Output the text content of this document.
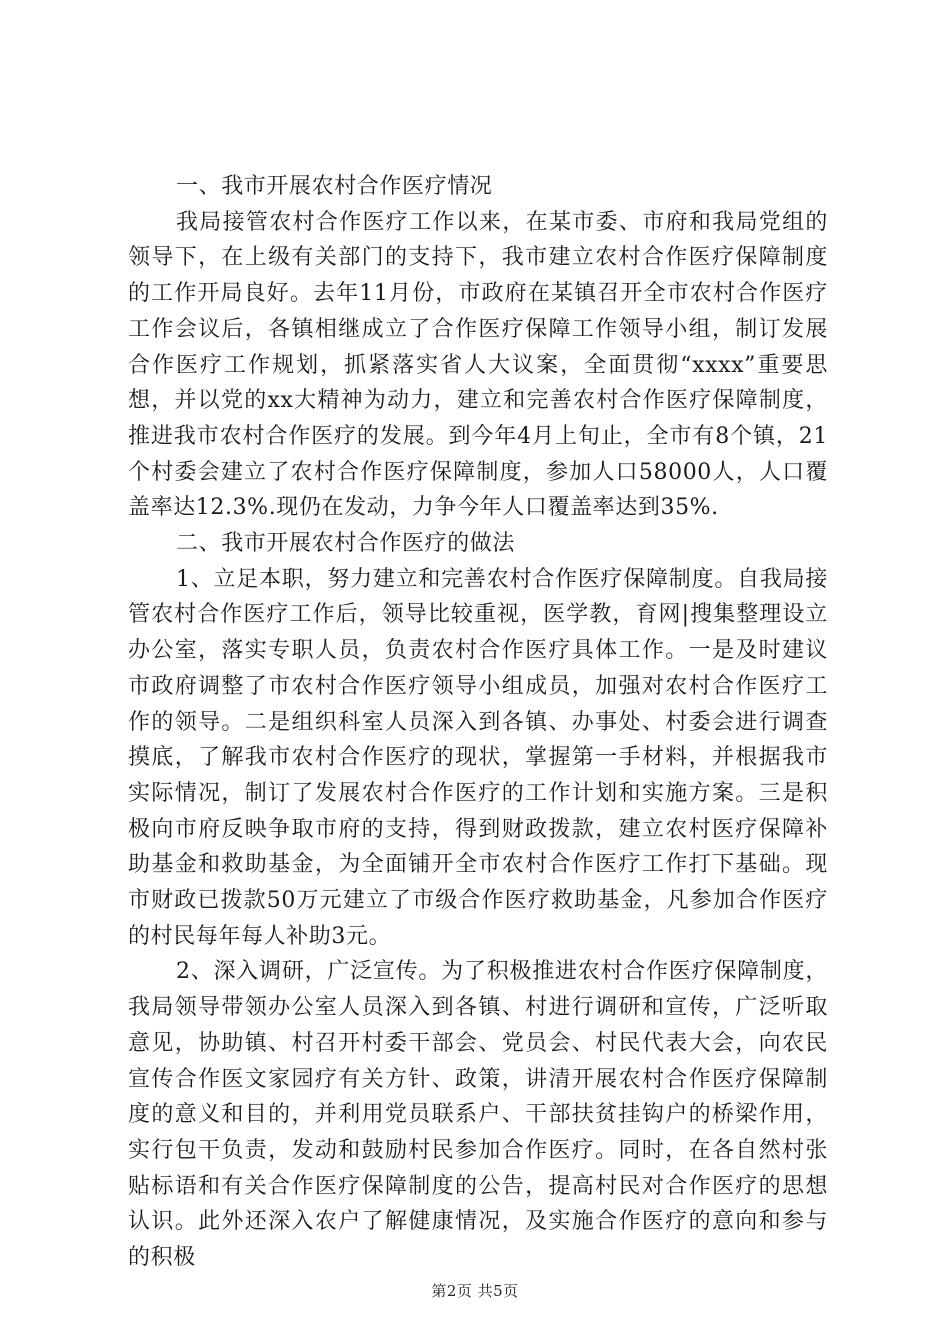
一、我市开展农村合作医疗情况

我局接管农村合作医疗工作以来，在某市委、市府和我局党组的领导下，在上级有关部门的支持下，我市建立农村合作医疗保障制度的工作开局良好。去年11月份，市政府在某镇召开全市农村合作医疗工作会议后，各镇相继成立了合作医疗保障工作领导小组，制订发展合作医疗工作规划，抓紧落实省人大议案，全面贯彻“xxxx”重要思想，并以党的xx大精神为动力，建立和完善农村合作医疗保障制度，推进我市农村合作医疗的发展。到今年4月上旬止，全市有8个镇，21个村委会建立了农村合作医疗保障制度，参加人口58000人，人口覆盖率达12.3%.现仍在发动，力争今年人口覆盖率达到35%.

二、我市开展农村合作医疗的做法

1、立足本职，努力建立和完善农村合作医疗保障制度。自我局接管农村合作医疗工作后，领导比较重视，医学教，育网|搜集整理设立办公室，落实专职人员，负责农村合作医疗具体工作。一是及时建议市政府调整了市农村合作医疗领导小组成员，加强对农村合作医疗工作的领导。二是组织科室人员深入到各镇、办事处、村委会进行调查摸底，了解我市农村合作医疗的现状，掌握第一手材料，并根据我市实际情况，制订了发展农村合作医疗的工作计划和实施方案。三是积极向市府反映争取市府的支持，得到财政拨款，建立农村医疗保障补助基金和救助基金，为全面铺开全市农村合作医疗工作打下基础。现市财政已拨款50万元建立了市级合作医疗救助基金，凡参加合作医疗的村民每年每人补助3元。

2、深入调研，广泛宣传。为了积极推进农村合作医疗保障制度，我局领导带领办公室人员深入到各镇、村进行调研和宣传，广泛听取意见，协助镇、村召开村委干部会、党员会、村民代表大会，向农民宣传合作医文家园疗有关方针、政策，讲清开展农村合作医疗保障制度的意义和目的，并利用党员联系户、干部扶贫挂钩户的桥梁作用，实行包干负责，发动和鼓励村民参加合作医疗。同时，在各自然村张贴标语和有关合作医疗保障制度的公告，提高村民对合作医疗的思想认识。此外还深入农户了解健康情况，及实施合作医疗的意向和参与的积极

第2页 共5页
